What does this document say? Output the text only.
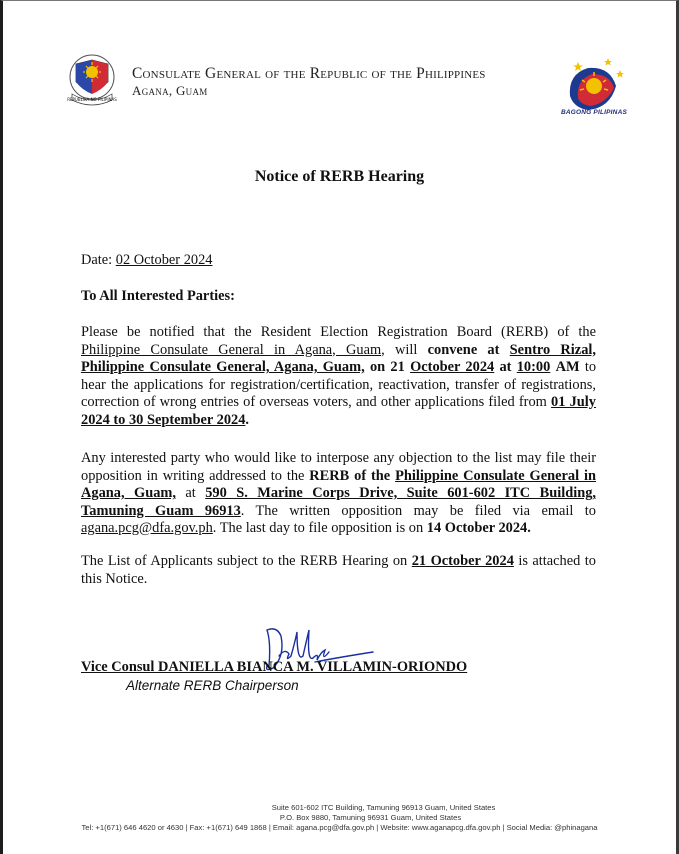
REPUBLIKA NG PILIPINAS
Consulate General of the Republic of the Philippines
Agana, Guam
BAGONG PILIPINAS
Notice of RERB Hearing
Date: 02 October 2024
To All Interested Parties:
Please be notified that the Resident Election Registration Board (RERB) of the Philippine Consulate General in Agana, Guam, will convene at Sentro Rizal, Philippine Consulate General, Agana, Guam, on 21 October 2024 at 10:00 AM to hear the applications for registration/certification, reactivation, transfer of registrations, correction of wrong entries of overseas voters, and other applications filed from 01 July 2024 to 30 September 2024.
Any interested party who would like to interpose any objection to the list may file their opposition in writing addressed to the RERB of the Philippine Consulate General in Agana, Guam, at 590 S. Marine Corps Drive, Suite 601-602 ITC Building, Tamuning Guam 96913. The written opposition may be filed via email to agana.pcg@dfa.gov.ph. The last day to file opposition is on 14 October 2024.
The List of Applicants subject to the RERB Hearing on 21 October 2024 is attached to this Notice.
Vice Consul DANIELLA BIANCA M. VILLAMIN-ORIONDO
Alternate RERB Chairperson
Suite 601-602 ITC Building, Tamuning 96913 Guam, United States
P.O. Box 9880, Tamuning 96931 Guam, United States
Tel: +1(671) 646 4620 or 4630 | Fax: +1(671) 649 1868 | Email: agana.pcg@dfa.gov.ph | Website: www.aganapcg.dfa.gov.ph | Social Media: @phinagana
